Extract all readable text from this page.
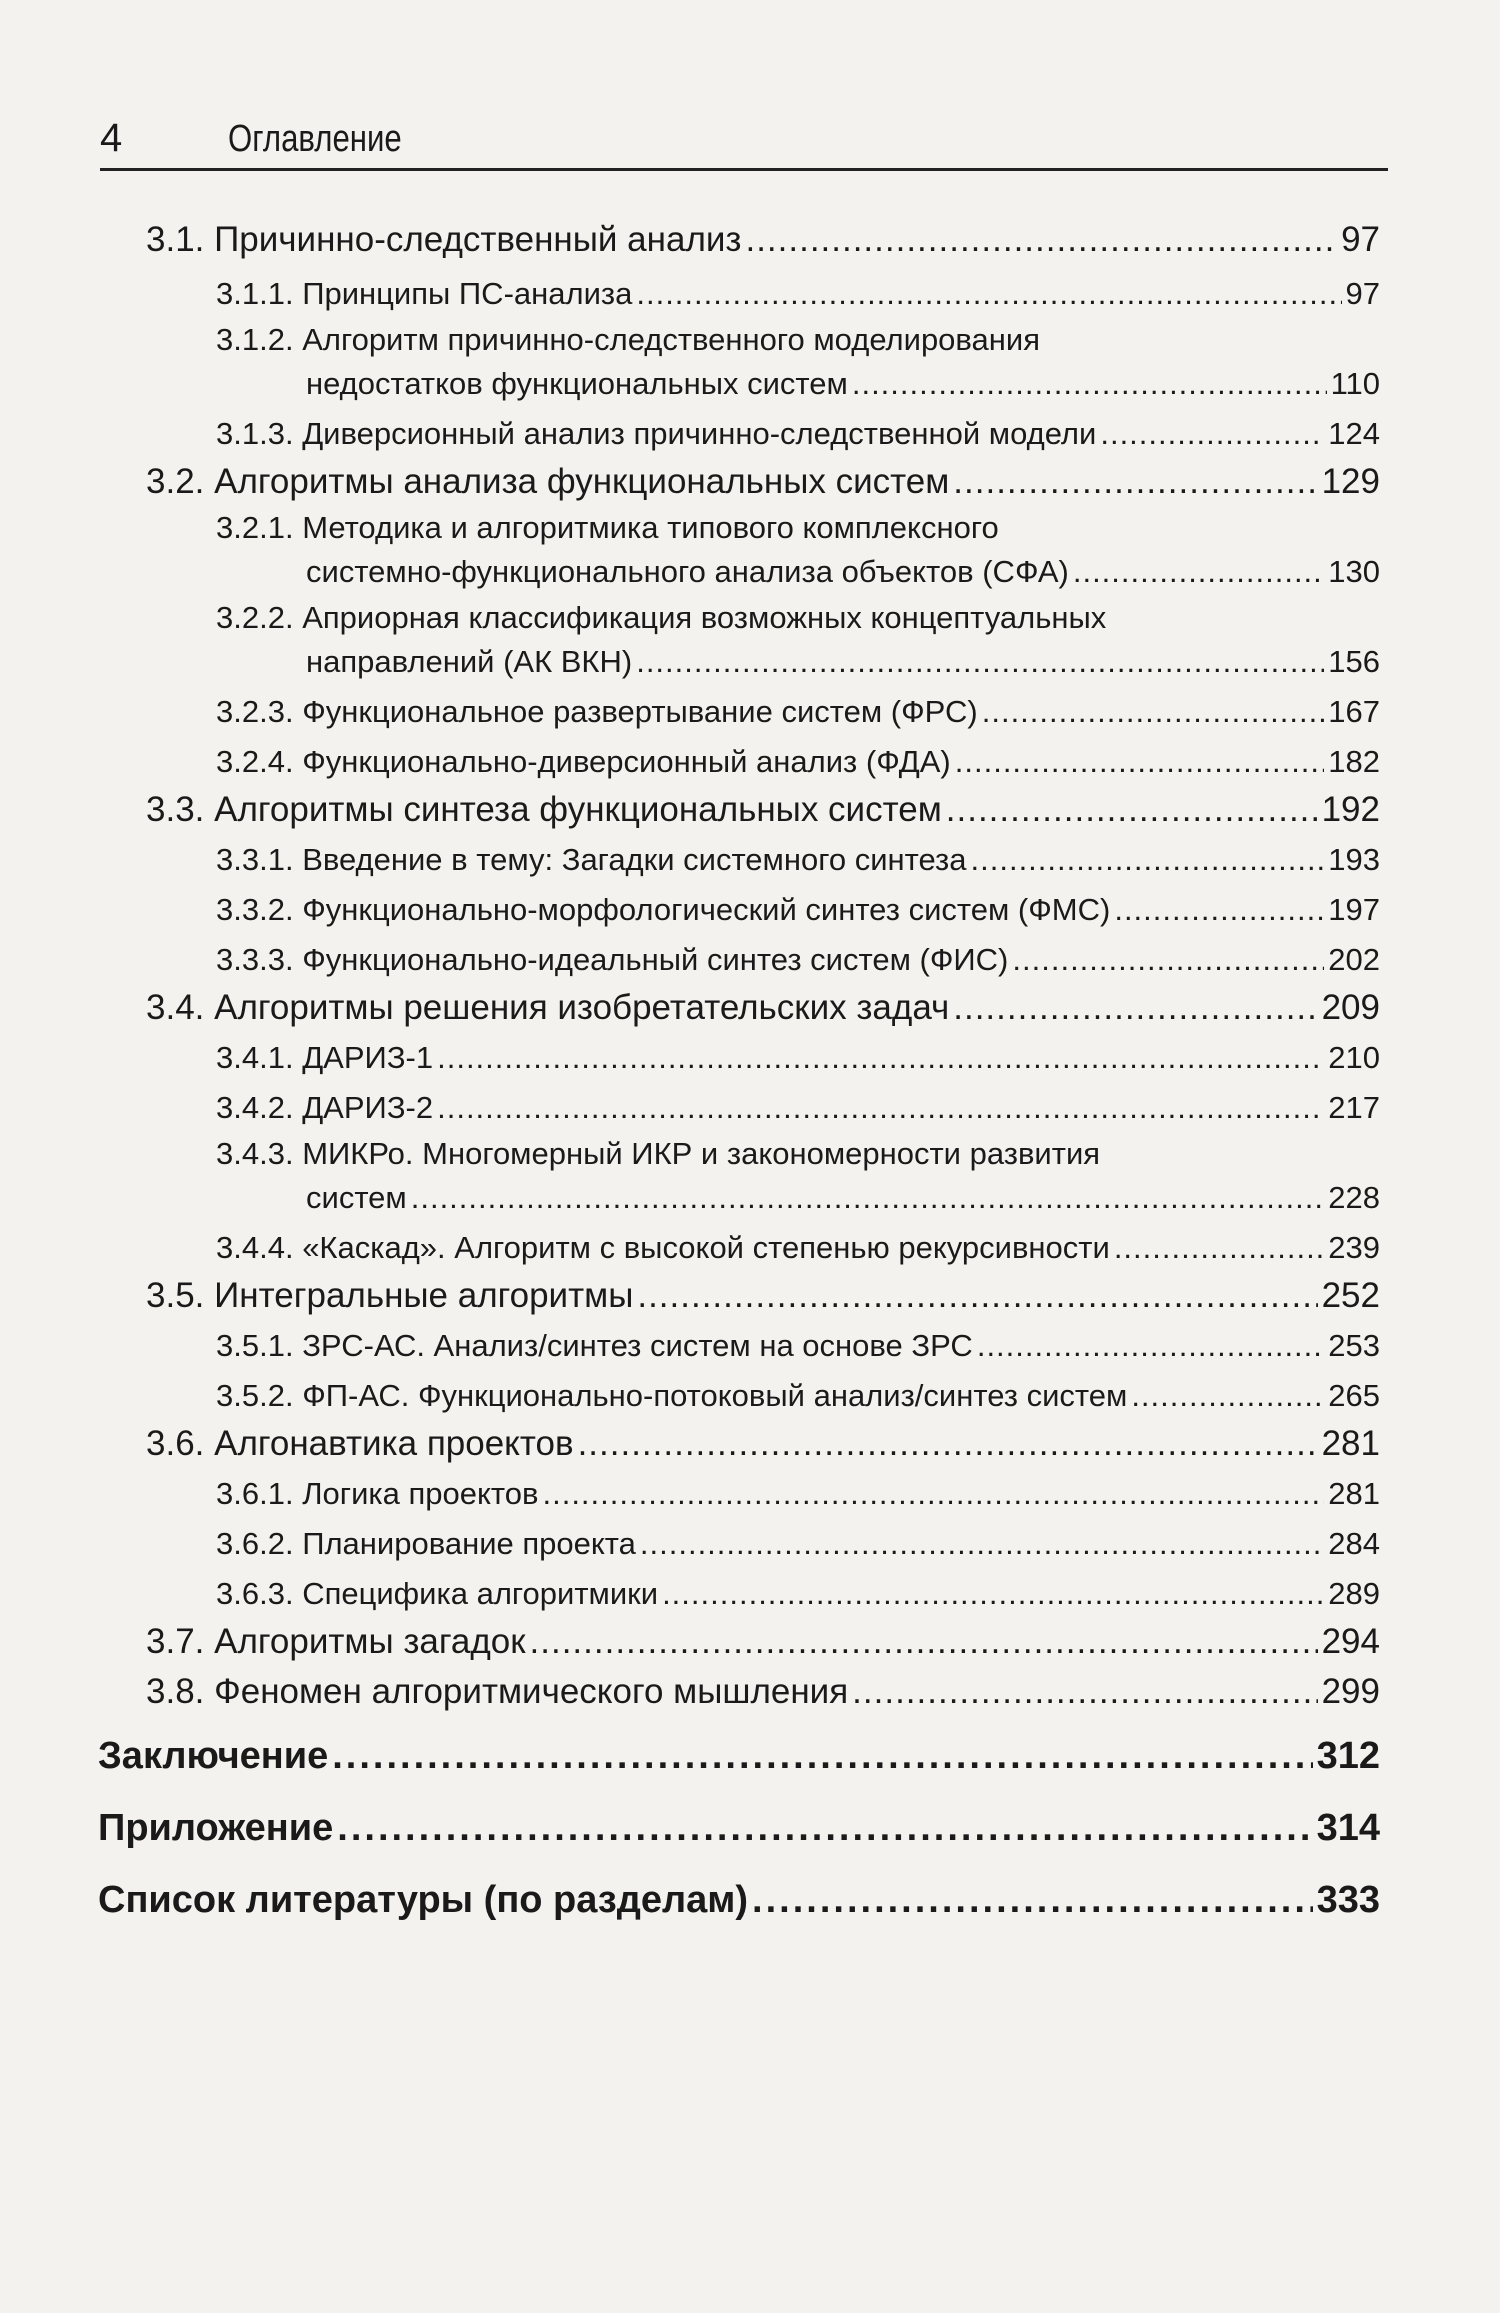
4	Оглавление
3.1. Причинно-следственный анализ .....	97
3.1.1. Принципы ПС-анализа .....	97
3.1.2. Алгоритм причинно-следственного моделирования
недостатков функциональных систем .....	110
3.1.3. Диверсионный анализ причинно-следственной модели .....	124
3.2. Алгоритмы анализа функциональных систем .....	129
3.2.1. Методика и алгоритмика типового комплексного
системно-функционального анализа объектов (СФА) .....	130
3.2.2. Априорная классификация возможных концептуальных
направлений (АК ВКН) .....	156
3.2.3. Функциональное развертывание систем (ФРС) .....	167
3.2.4. Функционально-диверсионный анализ (ФДА) .....	182
3.3. Алгоритмы синтеза функциональных систем .....	192
3.3.1. Введение в тему: Загадки системного синтеза .....	193
3.3.2. Функционально-морфологический синтез систем (ФМС) .....	197
3.3.3. Функционально-идеальный синтез систем (ФИС) .....	202
3.4. Алгоритмы решения изобретательских задач .....	209
3.4.1. ДАРИЗ-1 .....	210
3.4.2. ДАРИЗ-2 .....	217
3.4.3. МИКРо. Многомерный ИКР и закономерности развития
систем .....	228
3.4.4. «Каскад». Алгоритм с высокой степенью рекурсивности .....	239
3.5. Интегральные алгоритмы .....	252
3.5.1. ЗРС-АС. Анализ/синтез систем на основе ЗРС .....	253
3.5.2. ФП-АС. Функционально-потоковый анализ/синтез систем .....	265
3.6. Алгонавтика проектов .....	281
3.6.1. Логика проектов .....	281
3.6.2. Планирование проекта .....	284
3.6.3. Специфика алгоритмики .....	289
3.7. Алгоритмы загадок .....	294
3.8. Феномен алгоритмического мышления .....	299
Заключение .....	312
Приложение .....	314
Список литературы (по разделам) .....	333
